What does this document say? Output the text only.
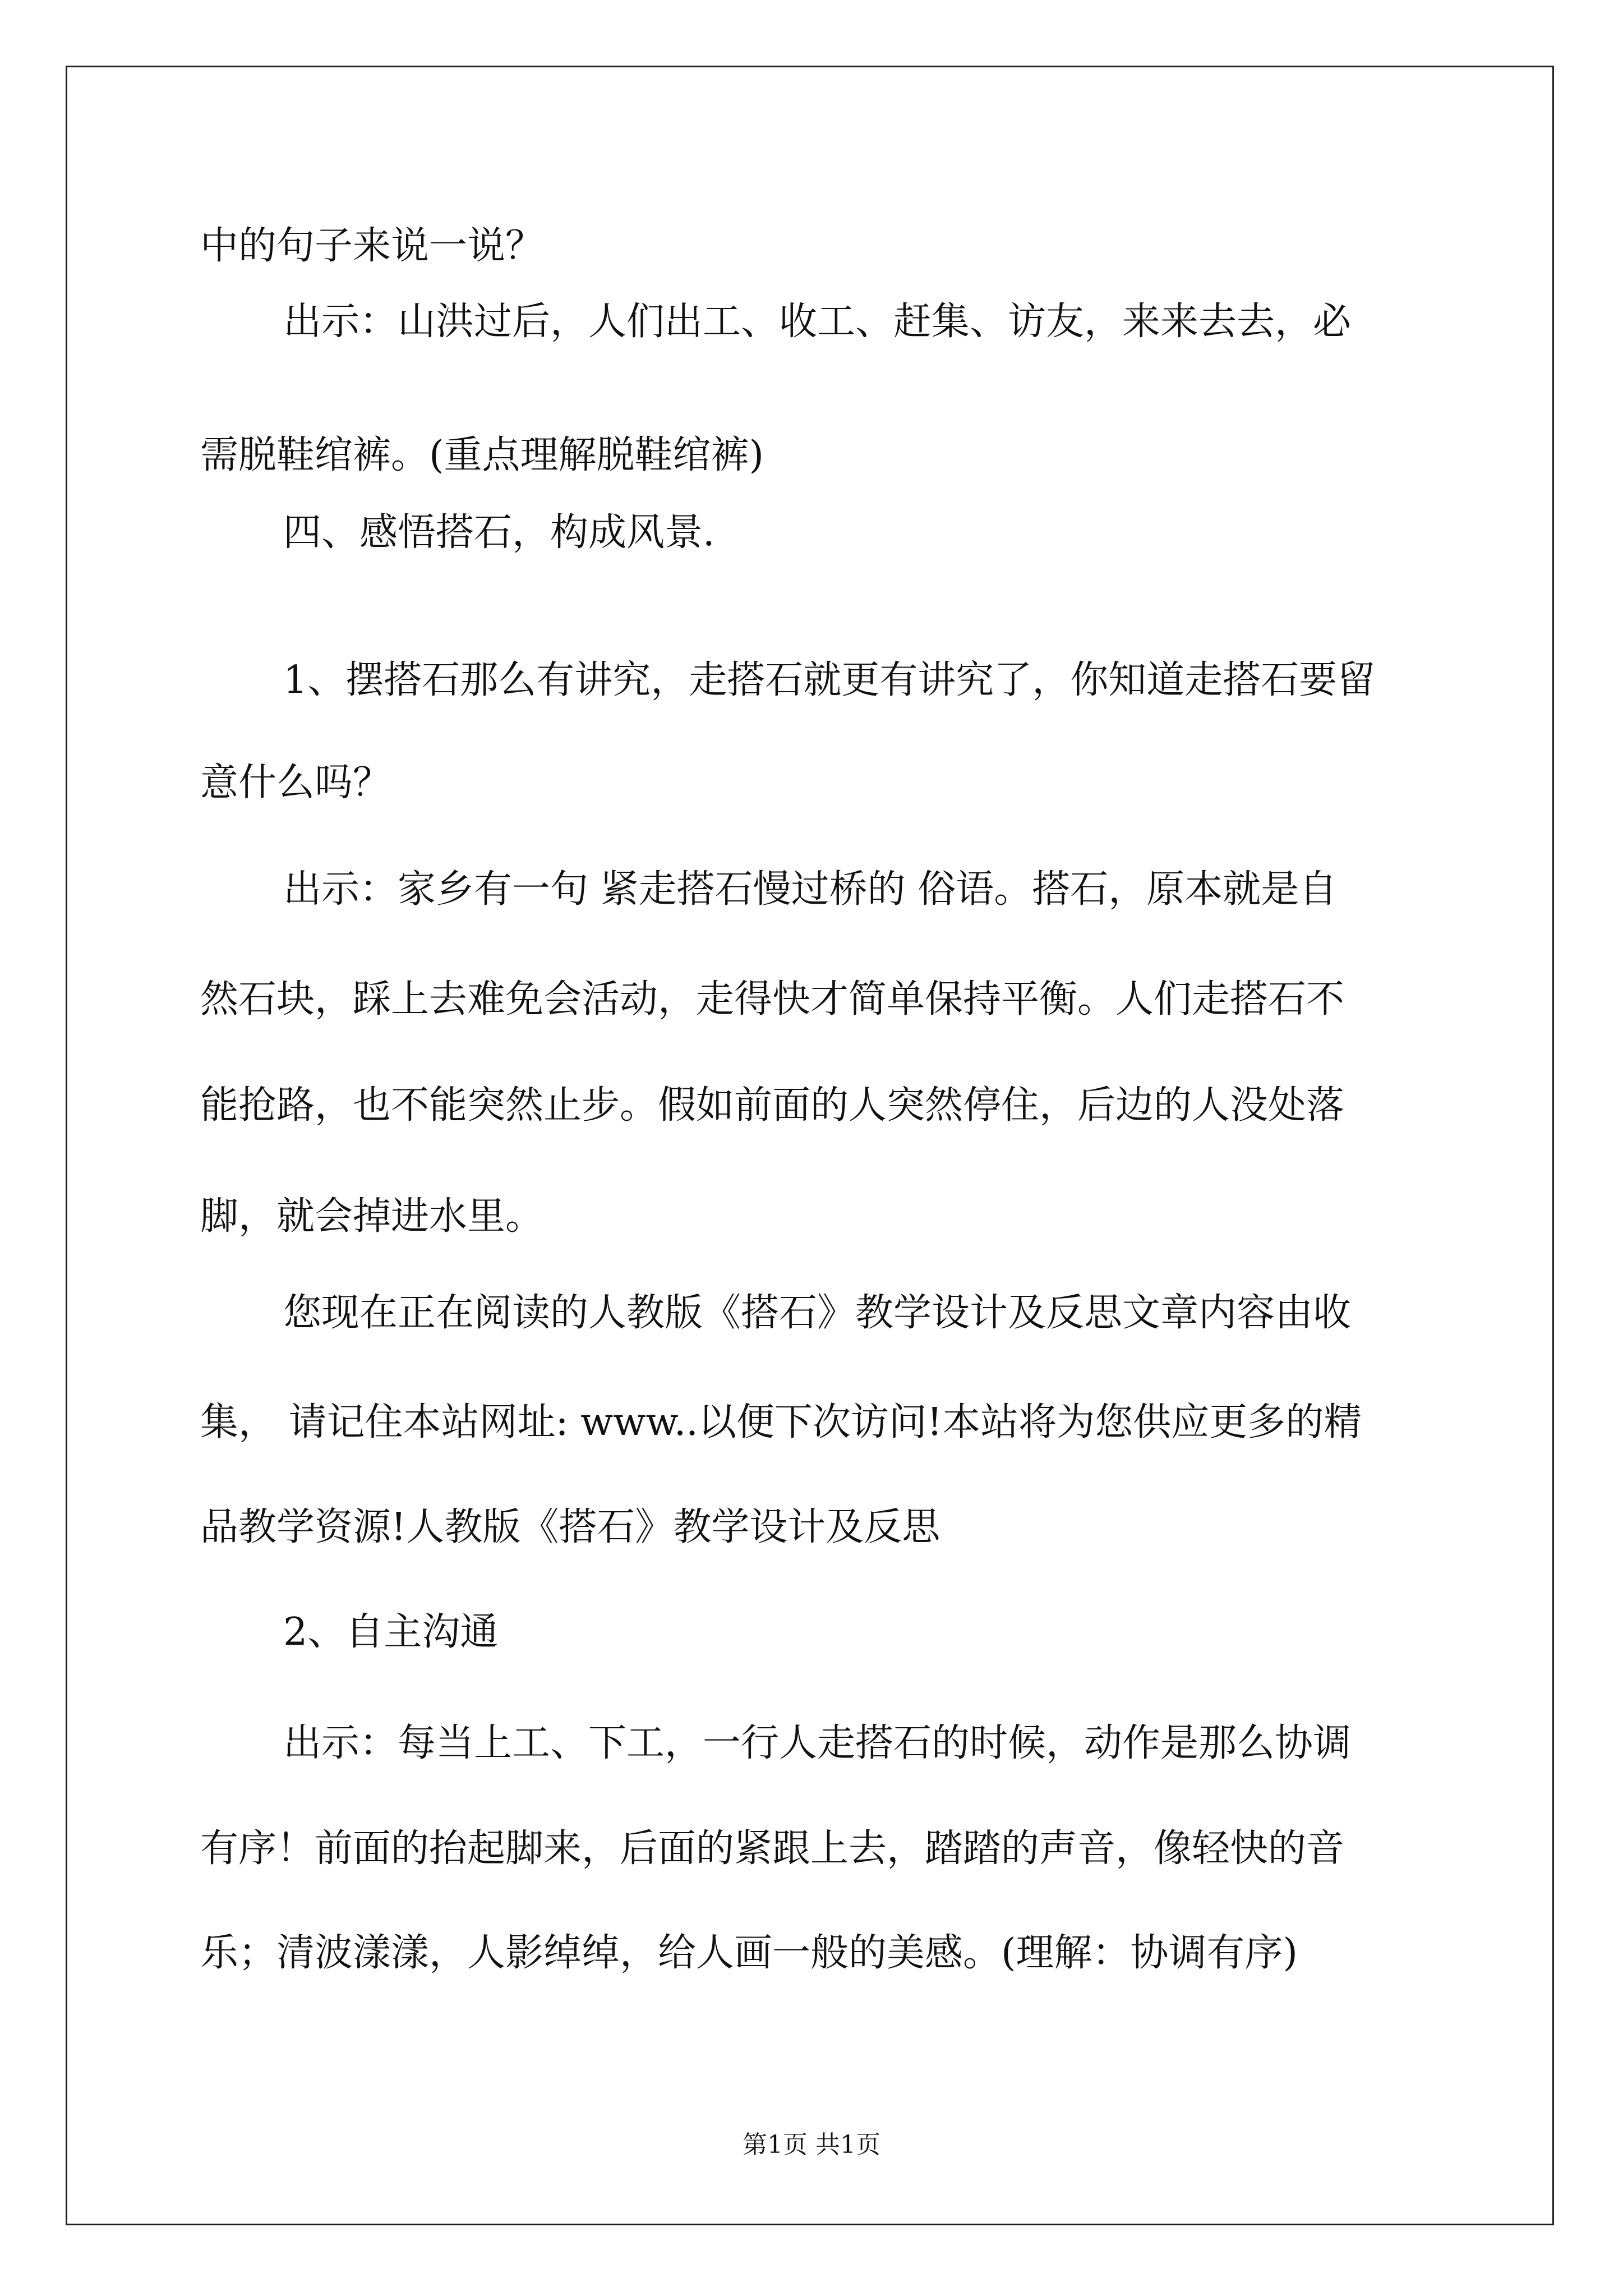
中的句子来说一说？
出示：山洪过后，人们出工、收工、赶集、访友，来来去去，必
需脱鞋绾裤。(重点理解脱鞋绾裤)
四、感悟搭石，构成风景.
1、摆搭石那么有讲究，走搭石就更有讲究了，你知道走搭石要留
意什么吗？
出示：家乡有一句 紧走搭石慢过桥的 俗语。搭石，原本就是自
然石块，踩上去难免会活动，走得快才简单保持平衡。人们走搭石不
能抢路，也不能突然止步。假如前面的人突然停住，后边的人没处落
脚，就会掉进水里。
您现在正在阅读的人教版《搭石》教学设计及反思文章内容由收
集， 请记住本站网址: www..以便下次访问!本站将为您供应更多的精
品教学资源!人教版《搭石》教学设计及反思
2、自主沟通
出示：每当上工、下工，一行人走搭石的时候，动作是那么协调
有序！前面的抬起脚来，后面的紧跟上去，踏踏的声音，像轻快的音
乐；清波漾漾，人影绰绰，给人画一般的美感。(理解：协调有序)
第1页 共1页
